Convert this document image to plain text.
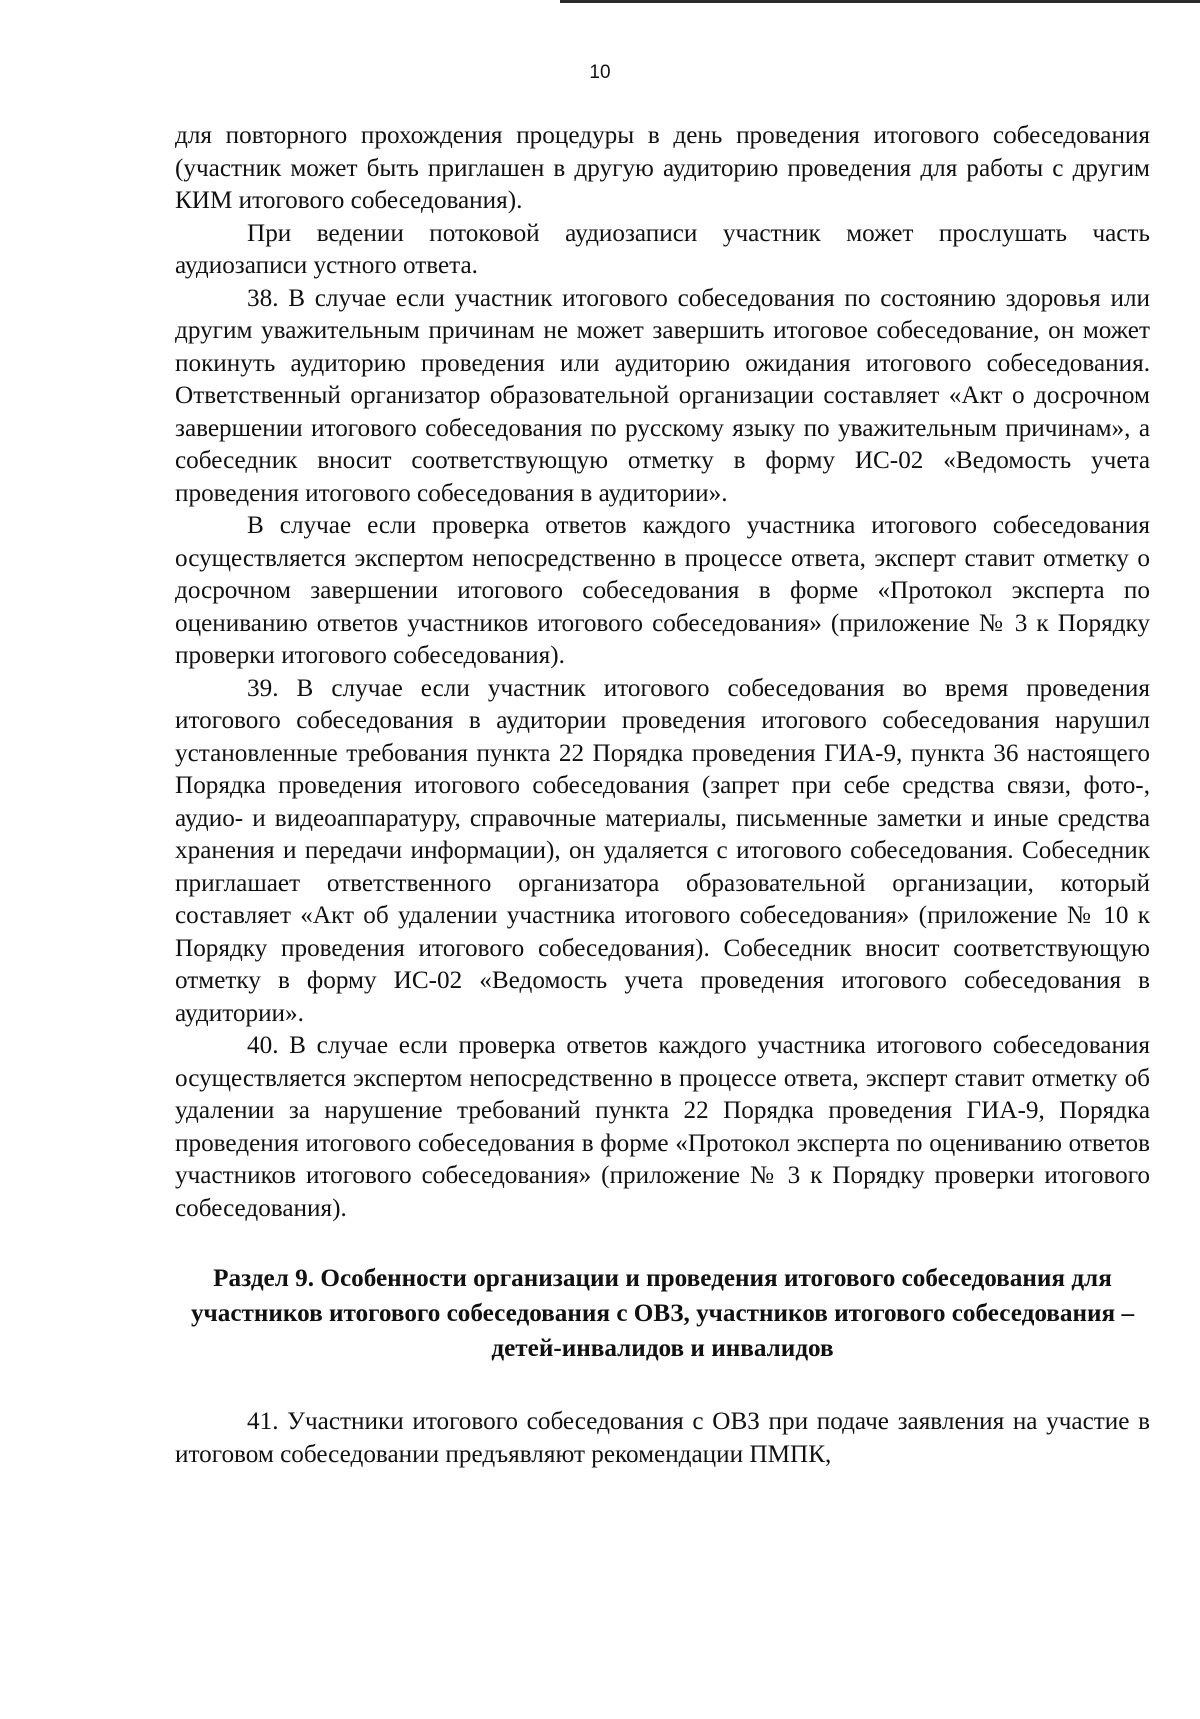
10

для повторного прохождения процедуры в день проведения итогового собеседования (участник может быть приглашен в другую аудиторию проведения для работы с другим КИМ итогового собеседования).

При ведении потоковой аудиозаписи участник может прослушать часть аудиозаписи устного ответа.

38. В случае если участник итогового собеседования по состоянию здоровья или другим уважительным причинам не может завершить итоговое собеседование, он может покинуть аудиторию проведения или аудиторию ожидания итогового собеседования. Ответственный организатор образовательной организации составляет «Акт о досрочном завершении итогового собеседования по русскому языку по уважительным причинам», а собеседник вносит соответствующую отметку в форму ИС-02 «Ведомость учета проведения итогового собеседования в аудитории».

В случае если проверка ответов каждого участника итогового собеседования осуществляется экспертом непосредственно в процессе ответа, эксперт ставит отметку о досрочном завершении итогового собеседования в форме «Протокол эксперта по оцениванию ответов участников итогового собеседования» (приложение № 3 к Порядку проверки итогового собеседования).

39. В случае если участник итогового собеседования во время проведения итогового собеседования в аудитории проведения итогового собеседования нарушил установленные требования пункта 22 Порядка проведения ГИА-9, пункта 36 настоящего Порядка проведения итогового собеседования (запрет при себе средства связи, фото-, аудио- и видеоаппаратуру, справочные материалы, письменные заметки и иные средства хранения и передачи информации), он удаляется с итогового собеседования. Собеседник приглашает ответственного организатора образовательной организации, который составляет «Акт об удалении участника итогового собеседования» (приложение № 10 к Порядку проведения итогового собеседования). Собеседник вносит соответствующую отметку в форму ИС-02 «Ведомость учета проведения итогового собеседования в аудитории».

40. В случае если проверка ответов каждого участника итогового собеседования осуществляется экспертом непосредственно в процессе ответа, эксперт ставит отметку об удалении за нарушение требований пункта 22 Порядка проведения ГИА-9, Порядка проведения итогового собеседования в форме «Протокол эксперта по оцениванию ответов участников итогового собеседования» (приложение № 3 к Порядку проверки итогового собеседования).

Раздел 9. Особенности организации и проведения итогового собеседования для участников итогового собеседования с ОВЗ, участников итогового собеседования – детей-инвалидов и инвалидов

41. Участники итогового собеседования с ОВЗ при подаче заявления на участие в итоговом собеседовании предъявляют рекомендации ПМПК,
